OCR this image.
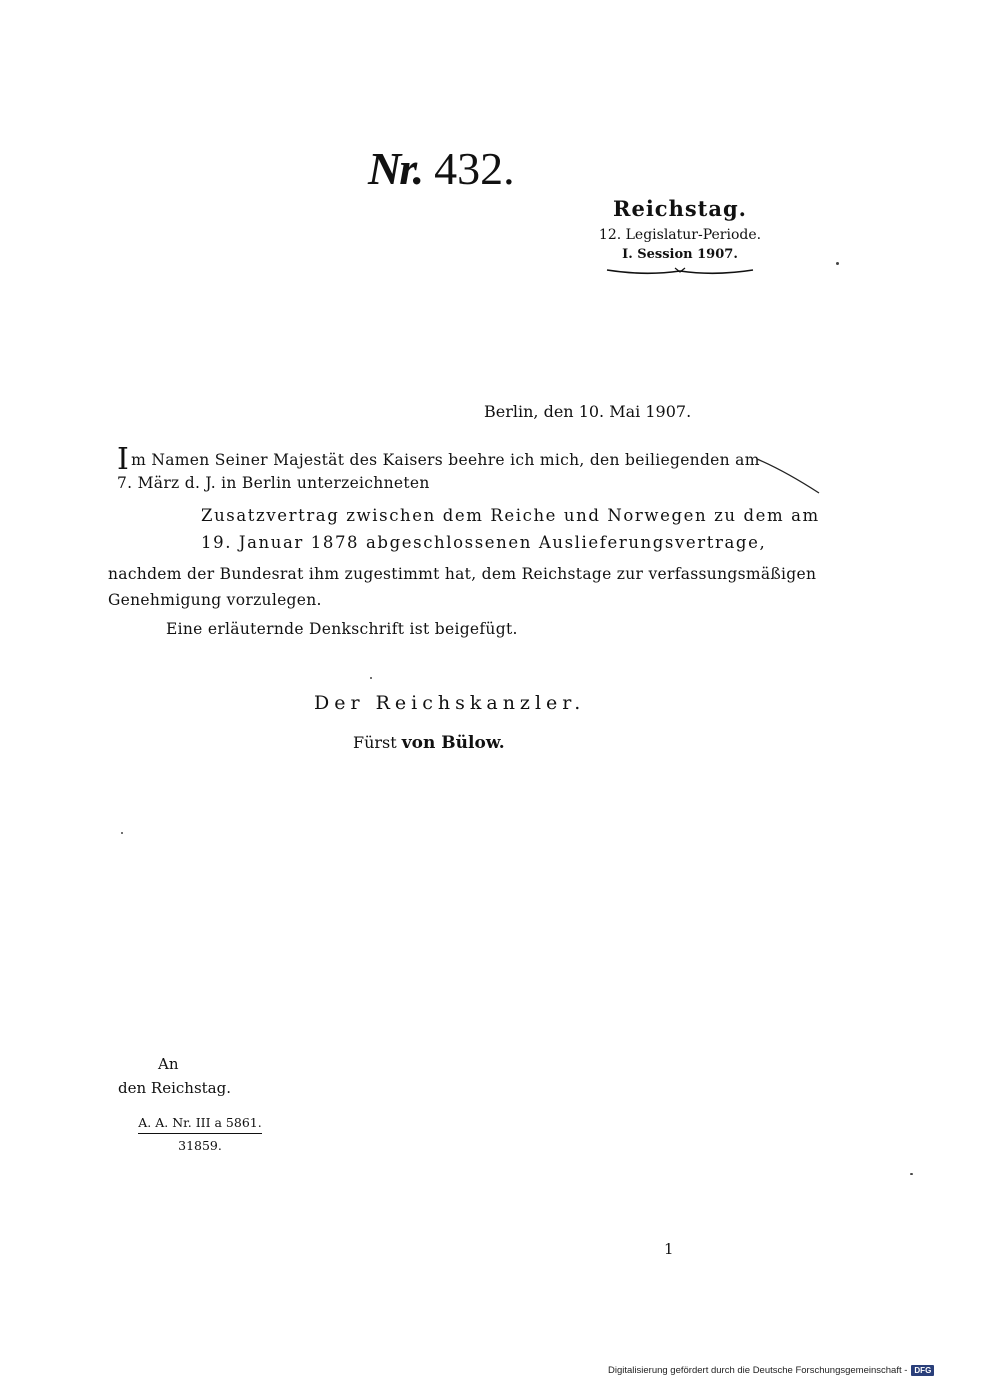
Nr. 432.
Reichstag.
12. Legislatur-Periode.
I. Session 1907.
Berlin, den 10. Mai 1907.
Im Namen Seiner Majestät des Kaisers beehre ich mich, den beiliegenden am
7. März d. J. in Berlin unterzeichneten
Zusatzvertrag zwischen dem Reiche und Norwegen zu dem am
19. Januar 1878 abgeschlossenen Auslieferungsvertrage,
nachdem der Bundesrat ihm zugestimmt hat, dem Reichstage zur verfassungsmäßigen
Genehmigung vorzulegen.
Eine erläuternde Denkschrift ist beigefügt.
Der Reichskanzler.
Fürst von Bülow.
An
den Reichstag.
A. A. Nr. III a 5861.
31859.
1
Digitalisierung gefördert durch die Deutsche Forschungsgemeinschaft - DFG
